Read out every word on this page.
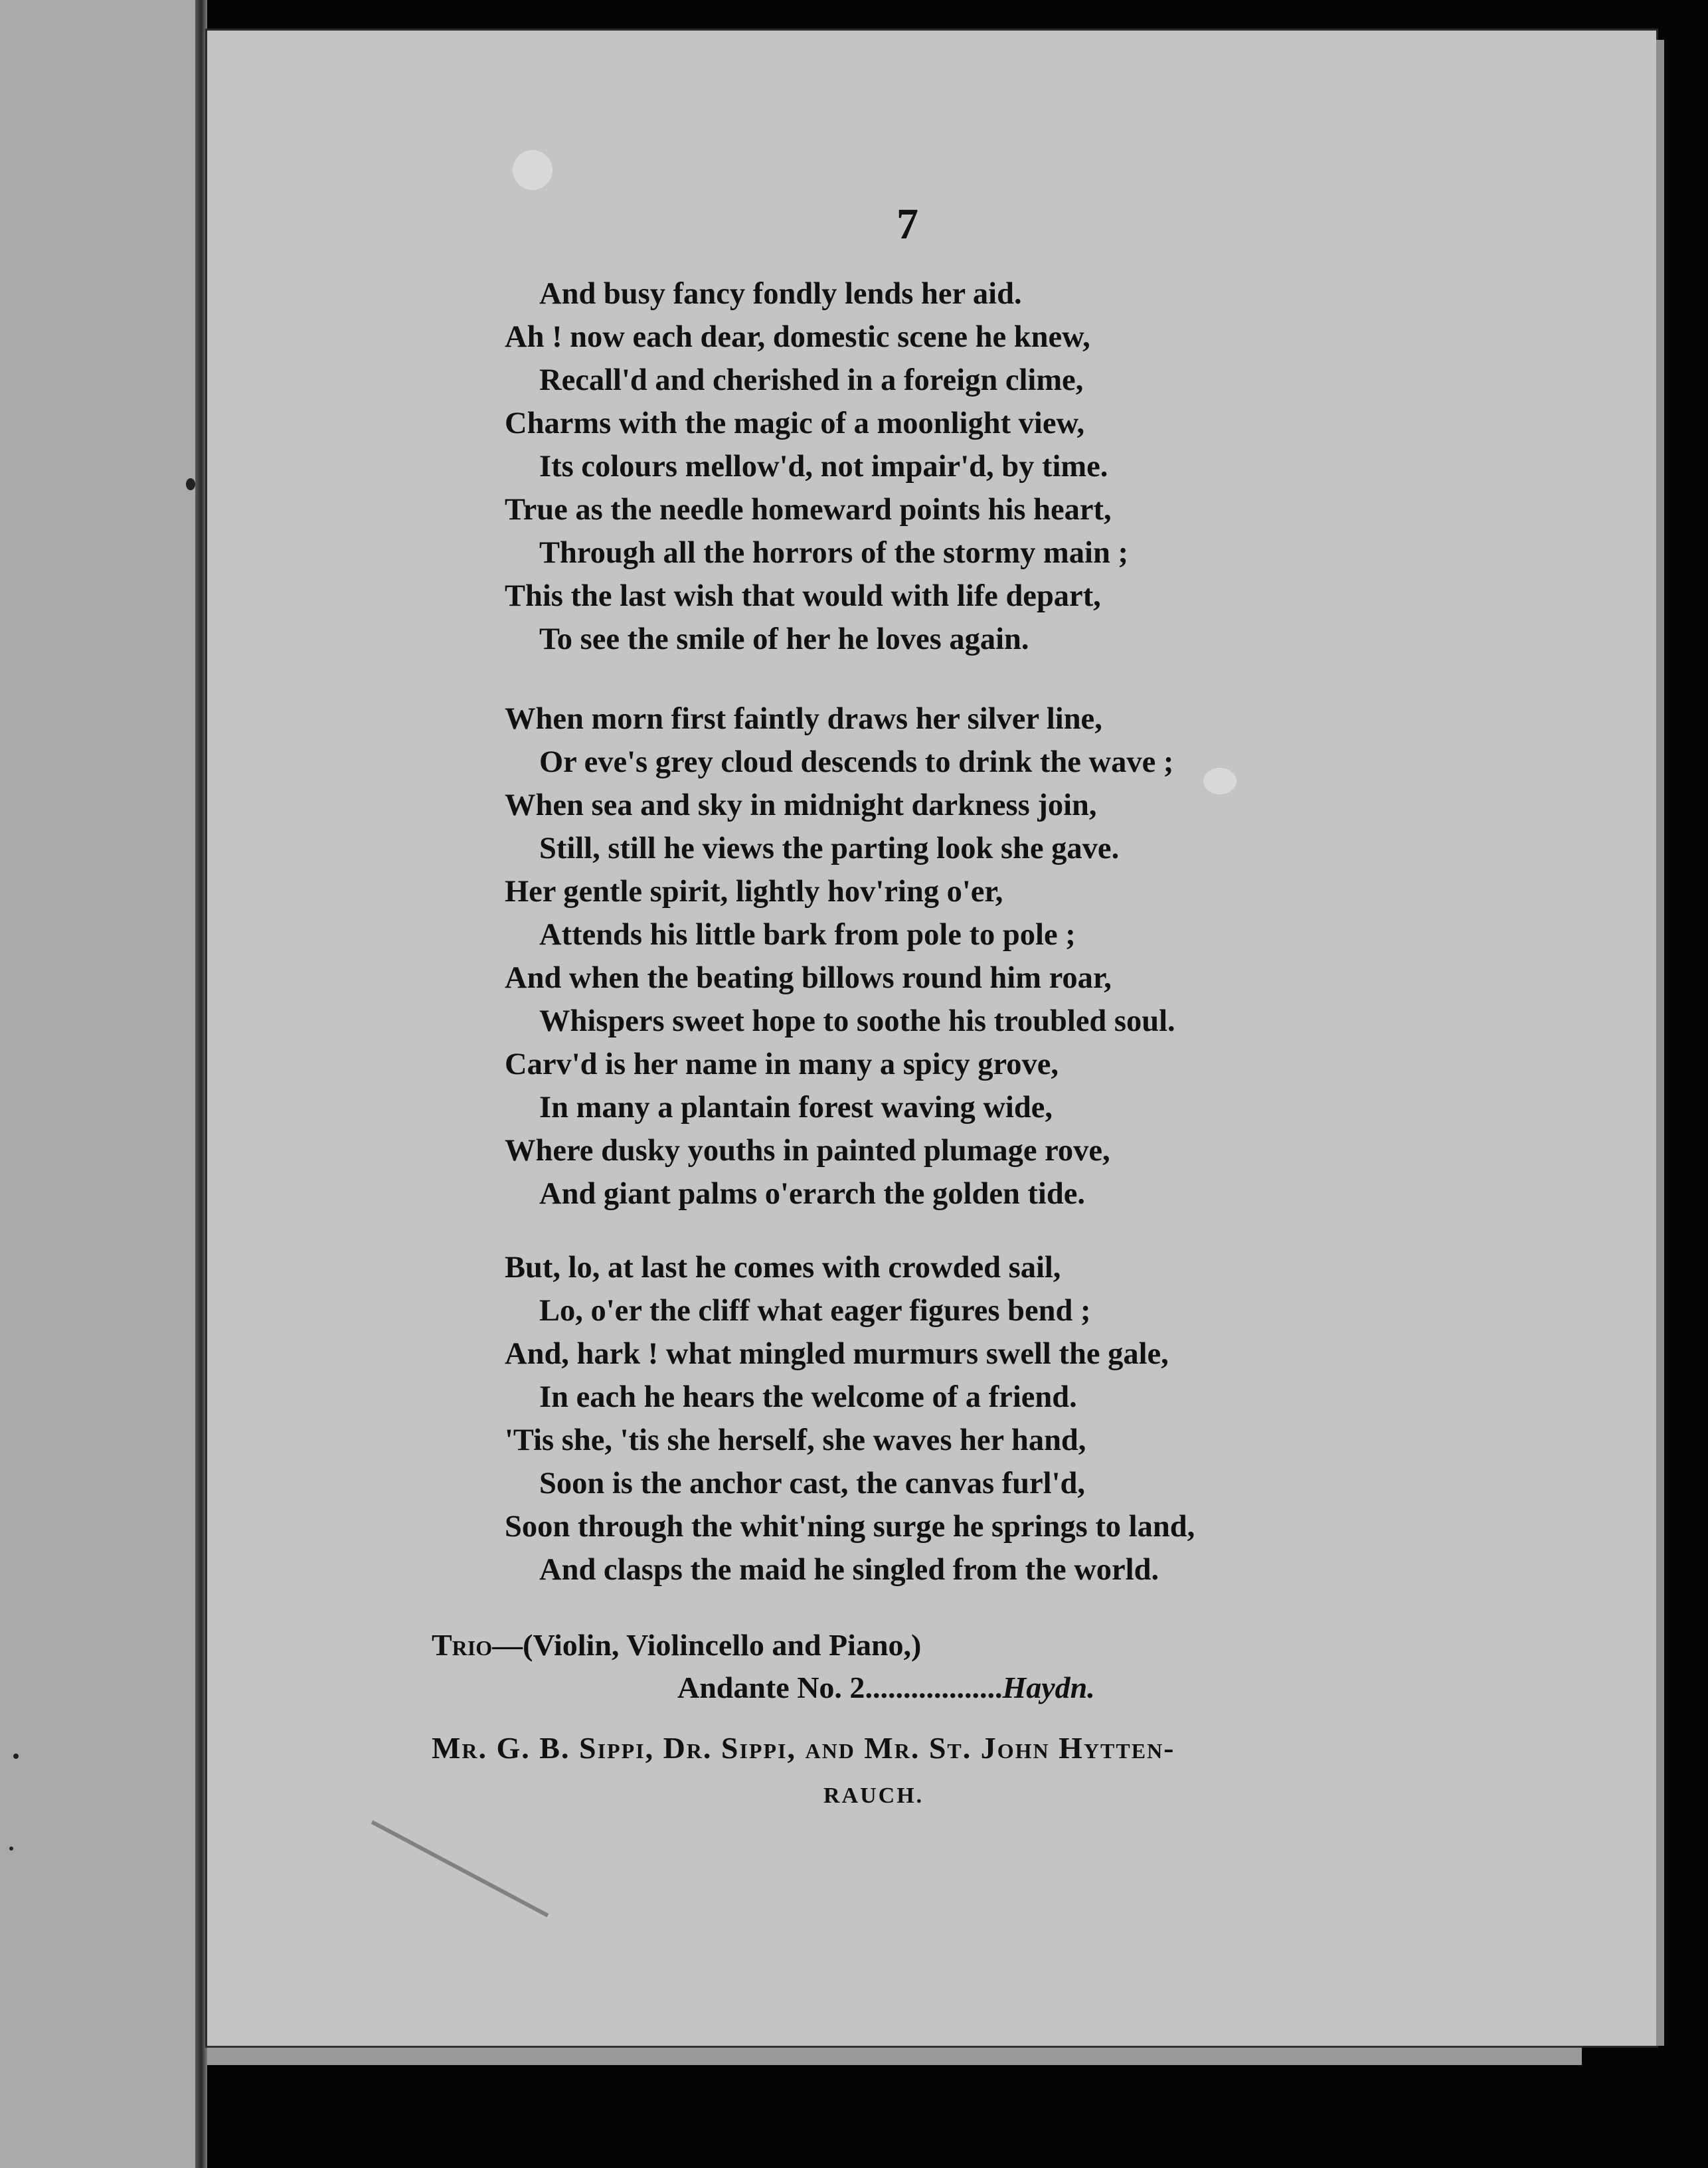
7
And busy fancy fondly lends her aid.
Ah ! now each dear, domestic scene he knew,
Recall'd and cherished in a foreign clime,
Charms with the magic of a moonlight view,
Its colours mellow'd, not impair'd, by time.
True as the needle homeward points his heart,
Through all the horrors of the stormy main ;
This the last wish that would with life depart,
To see the smile of her he loves again.
When morn first faintly draws her silver line,
Or eve's grey cloud descends to drink the wave ;
When sea and sky in midnight darkness join,
Still, still he views the parting look she gave.
Her gentle spirit, lightly hov'ring o'er,
Attends his little bark from pole to pole ;
And when the beating billows round him roar,
Whispers sweet hope to soothe his troubled soul.
Carv'd is her name in many a spicy grove,
In many a plantain forest waving wide,
Where dusky youths in painted plumage rove,
And giant palms o'erarch the golden tide.
But, lo, at last he comes with crowded sail,
Lo, o'er the cliff what eager figures bend ;
And, hark ! what mingled murmurs swell the gale,
In each he hears the welcome of a friend.
'Tis she, 'tis she herself, she waves her hand,
Soon is the anchor cast, the canvas furl'd,
Soon through the whit'ning surge he springs to land,
And clasps the maid he singled from the world.
Trio—(Violin, Violincello and Piano,)
Andante No. 2..................Haydn.
Mr. G. B. Sippi, Dr. Sippi, and Mr. St. John Hytten-
RAUCH.
